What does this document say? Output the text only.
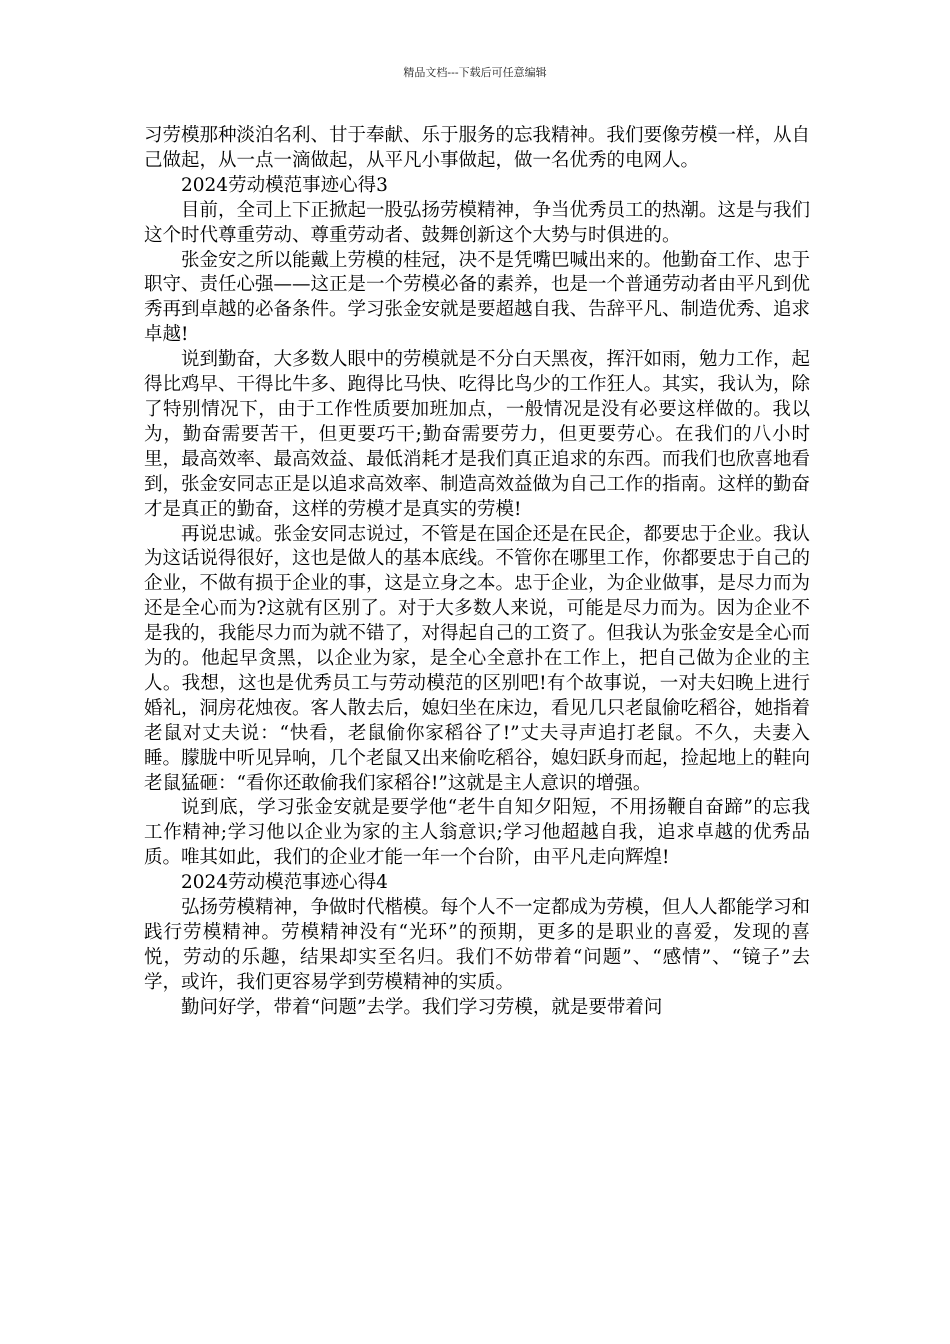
精品文档---下载后可任意编辑

习劳模那种淡泊名利、甘于奉献、乐于服务的忘我精神。我们要像劳模一样，从自己做起，从一点一滴做起，从平凡小事做起，做一名优秀的电网人。

2024劳动模范事迹心得3

目前，全司上下正掀起一股弘扬劳模精神，争当优秀员工的热潮。这是与我们这个时代尊重劳动、尊重劳动者、鼓舞创新这个大势与时俱进的。

张金安之所以能戴上劳模的桂冠，决不是凭嘴巴喊出来的。他勤奋工作、忠于职守、责任心强——这正是一个劳模必备的素养，也是一个普通劳动者由平凡到优秀再到卓越的必备条件。学习张金安就是要超越自我、告辞平凡、制造优秀、追求卓越!

说到勤奋，大多数人眼中的劳模就是不分白天黑夜，挥汗如雨，勉力工作，起得比鸡早、干得比牛多、跑得比马快、吃得比鸟少的工作狂人。其实，我认为，除了特别情况下，由于工作性质要加班加点，一般情况是没有必要这样做的。我以为，勤奋需要苦干，但更要巧干;勤奋需要劳力，但更要劳心。在我们的八小时里，最高效率、最高效益、最低消耗才是我们真正追求的东西。而我们也欣喜地看到，张金安同志正是以追求高效率、制造高效益做为自己工作的指南。这样的勤奋才是真正的勤奋，这样的劳模才是真实的劳模!

再说忠诚。张金安同志说过，不管是在国企还是在民企，都要忠于企业。我认为这话说得很好，这也是做人的基本底线。不管你在哪里工作，你都要忠于自己的企业，不做有损于企业的事，这是立身之本。忠于企业，为企业做事，是尽力而为还是全心而为?这就有区别了。对于大多数人来说，可能是尽力而为。因为企业不是我的，我能尽力而为就不错了，对得起自己的工资了。但我认为张金安是全心而为的。他起早贪黑，以企业为家，是全心全意扑在工作上，把自己做为企业的主人。我想，这也是优秀员工与劳动模范的区别吧!有个故事说，一对夫妇晚上进行婚礼，洞房花烛夜。客人散去后，媳妇坐在床边，看见几只老鼠偷吃稻谷，她指着老鼠对丈夫说：“快看，老鼠偷你家稻谷了!”丈夫寻声追打老鼠。不久，夫妻入睡。朦胧中听见异响，几个老鼠又出来偷吃稻谷，媳妇跃身而起，捡起地上的鞋向老鼠猛砸：“看你还敢偷我们家稻谷!”这就是主人意识的增强。

说到底，学习张金安就是要学他“老牛自知夕阳短，不用扬鞭自奋蹄”的忘我工作精神;学习他以企业为家的主人翁意识;学习他超越自我，追求卓越的优秀品质。唯其如此，我们的企业才能一年一个台阶，由平凡走向辉煌!

2024劳动模范事迹心得4

弘扬劳模精神，争做时代楷模。每个人不一定都成为劳模，但人人都能学习和践行劳模精神。劳模精神没有“光环”的预期，更多的是职业的喜爱，发现的喜悦，劳动的乐趣，结果却实至名归。我们不妨带着“问题”、“感情”、“镜子”去学，或许，我们更容易学到劳模精神的实质。

勤问好学，带着“问题”去学。我们学习劳模，就是要带着问
